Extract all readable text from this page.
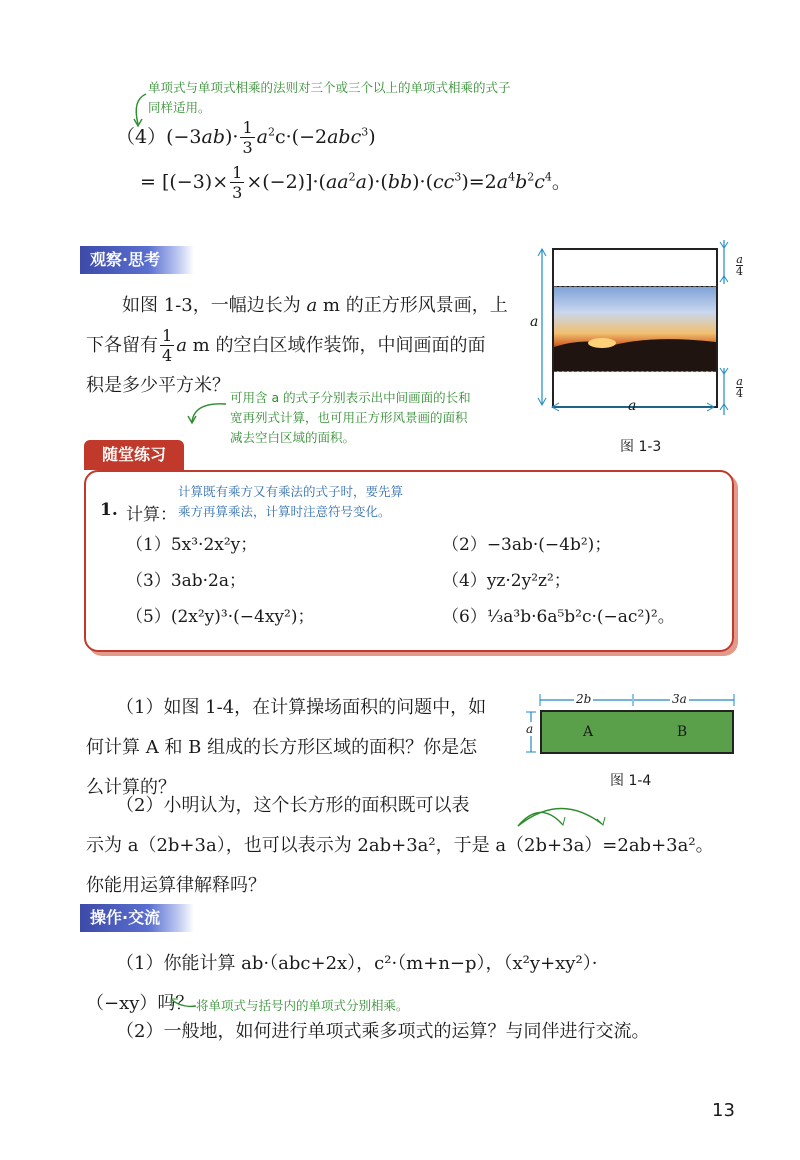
单项式与单项式相乘的法则对三个或三个以上的单项式相乘的式子
同样适用。
$(4)(-3ab)\cdot \frac{1}{3} a^2c\cdot(-2abc^3)$
= $[(-3)\times \frac{1}{3} \times(-2)]\cdot(aa^2a)\cdot(bb)\cdot(cc^3)=2a^4b^2c^4$。
观察·思考
如图 1-3，一幅边长为 a m 的正方形风景画，上
下各留有 $\frac{1}{4}$ a m 的空白区域作装饰，中间画面的面
积是多少平方米？
可用含 a 的式子分别表示出中间画面的长和
宽再列式计算，也可用正方形风景画的面积
减去空白区域的面积。
a
a
a
4
a
4
图 1-3
随堂练习
1. 计算：
计算既有乘方又有乘法的式子时，要先算
乘方再算乘法，计算时注意符号变化。
（1）5x³·2x²y；	（2）−3ab·(−4b²)；
（3）3ab·2a；	（4）yz·2y²z²；
（5）(2x²y)³·(−4xy²)；	（6）⅓a³b·6a⁵b²c·(−ac²)²。
2b	3a
A	B
a
图 1-4
（1）如图 1-4，在计算操场面积的问题中，如
何计算 A 和 B 组成的长方形区域的面积？你是怎
么计算的？
（2）小明认为，这个长方形的面积既可以表
示为 a（2b+3a），也可以表示为 2ab+3a²，于是 a（2b+3a）=2ab+3a²。
你能用运算律解释吗？
操作·交流
（1）你能计算 ab·（abc+2x），c²·（m+n−p），（x²y+xy²）·
（−xy）吗？ 将单项式与括号内的单项式分别相乘。
（2）一般地，如何进行单项式乘多项式的运算？与同伴进行交流。
13
